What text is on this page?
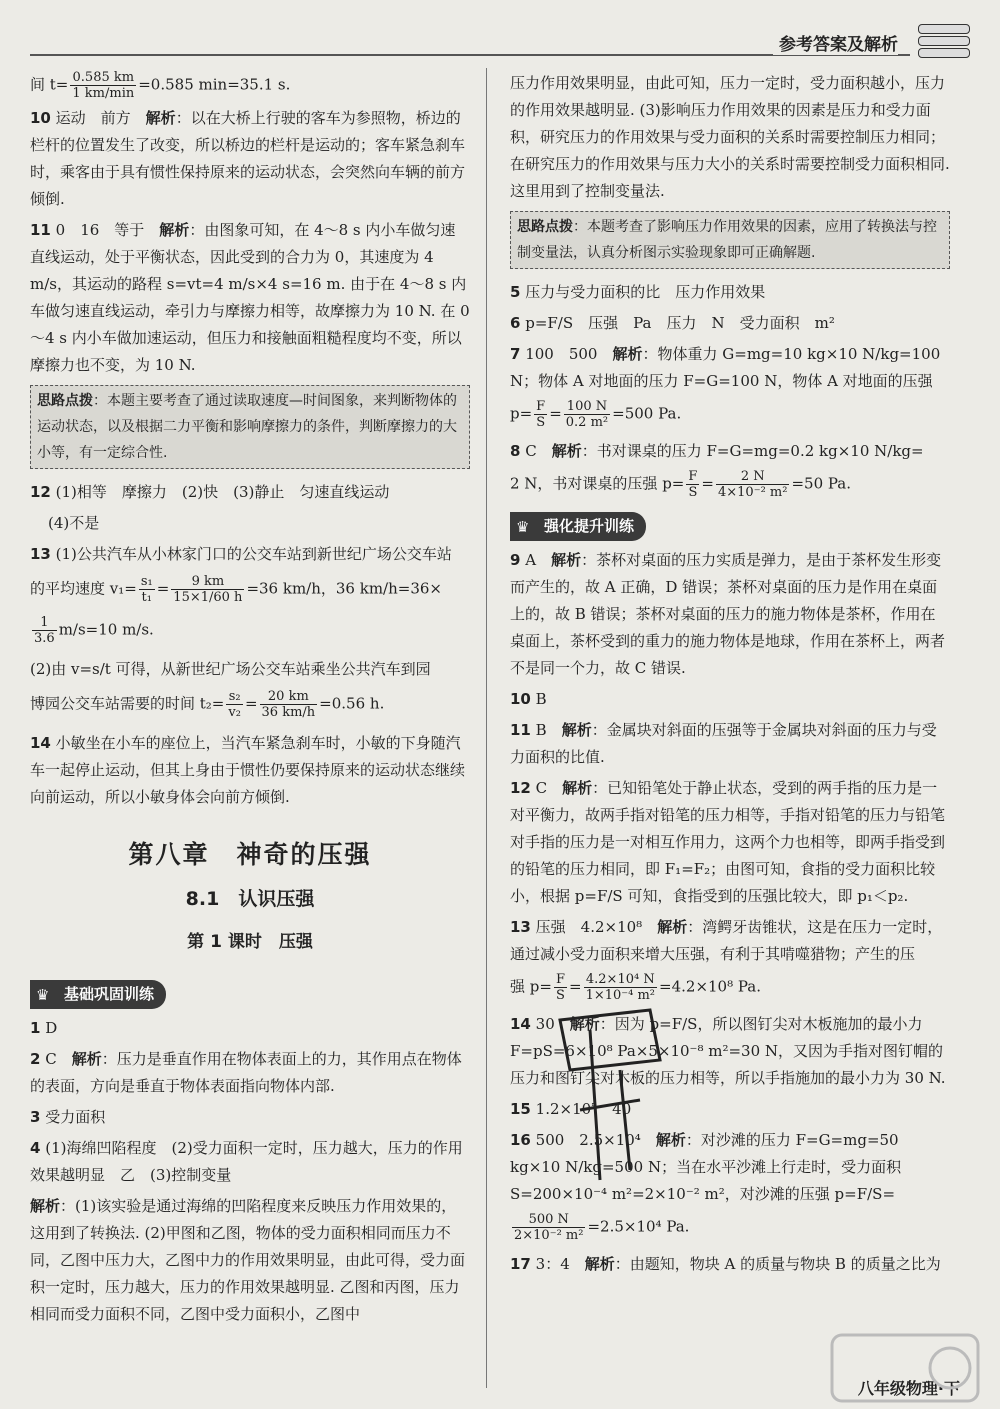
参考答案及解析

间 $t= \frac{0.585 km}{1 km/\min} =0.585$ min=35.1 s.

10 运动　前方　解析：以在大桥上行驶的客车为参照物，桥边的栏杆的位置发生了改变，所以桥边的栏杆是运动的；客车紧急刹车时，乘客由于具有惯性保持原来的运动状态，会突然向车辆的前方倾倒.

11 0　16　等于　解析：由图象可知，在 4～8 s 内小车做匀速直线运动，处于平衡状态，因此受到的合力为 0，其速度为 4 m/s，其运动的路程 s=vt=4 m/s×4 s=16 m. 由于在 4～8 s 内车做匀速直线运动，牵引力与摩擦力相等，故摩擦力为 10 N. 在 0～4 s 内小车做加速运动，但压力和接触面粗糙程度均不变，所以摩擦力也不变，为 10 N.

思路点拨：本题主要考查了通过读取速度—时间图象，来判断物体的运动状态，以及根据二力平衡和影响摩擦力的条件，判断摩擦力的大小等，有一定综合性.

12 (1)相等　摩擦力　(2)快　(3)静止　匀速直线运动

(4)不是

13 (1)公共汽车从小林家门口的公交车站到新世纪广场公交车站

的平均速度 $v_1= \frac{\text{s₁}}{\text{t₁}} = \frac{9 km}{15\times 1/60 h} =36$ km/h，36 km/h=36×

$\frac{1}{3.6} m/s=10$ m/s.

(2)由 v=s/t 可得，从新世纪广场公交车站乘坐公共汽车到园

博园公交车站需要的时间 $t_2= \frac{\text{s₂}}{\text{v₂}} = \frac{20 km}{36 km/h} =0.56$ h.

14 小敏坐在小车的座位上，当汽车紧急刹车时，小敏的下身随汽车一起停止运动，但其上身由于惯性仍要保持原来的运动状态继续向前运动，所以小敏身体会向前方倾倒.

第八章　神奇的压强
8.1　认识压强
第 1 课时　压强
♛ 基础巩固训练

1 D

2 C　解析：压力是垂直作用在物体表面上的力，其作用点在物体的表面，方向是垂直于物体表面指向物体内部.

3 受力面积

4 (1)海绵凹陷程度　(2)受力面积一定时，压力越大，压力的作用效果越明显　乙　(3)控制变量

解析：(1)该实验是通过海绵的凹陷程度来反映压力作用效果的，这用到了转换法. (2)甲图和乙图，物体的受力面积相同而压力不同，乙图中压力大，乙图中力的作用效果明显，由此可得，受力面积一定时，压力越大，压力的作用效果越明显. 乙图和丙图，压力相同而受力面积不同，乙图中受力面积小，乙图中

压力作用效果明显，由此可知，压力一定时，受力面积越小，压力的作用效果越明显. (3)影响压力作用效果的因素是压力和受力面积，研究压力的作用效果与受力面积的关系时需要控制压力相同；在研究压力的作用效果与压力大小的关系时需要控制受力面积相同. 这里用到了控制变量法.

思路点拨：本题考查了影响压力作用效果的因素，应用了转换法与控制变量法，认真分析图示实验现象即可正确解题.

5 压力与受力面积的比　压力作用效果

6 p=F/S　压强　Pa　压力　N　受力面积　m²

7 100　500　解析：物体重力 G=mg=10 kg×10 N/kg=100 N；物体 A 对地面的压力 F=G=100 N，物体 A 对地面的压强

$p= \frac{F}{S} = \frac{100 N}{\text{0.2 m²}} =500$ Pa.

8 C　解析：书对课桌的压力 F=G=mg=0.2 kg×10 N/kg=

2 N，书对课桌的压强 $p= \frac{F}{S} = \frac{2 N}{\text{4×10⁻² m²}} =50$ Pa.

♛ 强化提升训练

9 A　解析：茶杯对桌面的压力实质是弹力，是由于茶杯发生形变而产生的，故 A 正确，D 错误；茶杯对桌面的压力是作用在桌面上的，故 B 错误；茶杯对桌面的压力的施力物体是茶杯，作用在桌面上，茶杯受到的重力的施力物体是地球，作用在茶杯上，两者不是同一个力，故 C 错误.

10 B

11 B　解析：金属块对斜面的压强等于金属块对斜面的压力与受力面积的比值.

12 C　解析：已知铅笔处于静止状态，受到的两手指的压力是一对平衡力，故两手指对铅笔的压力相等，手指对铅笔的压力与铅笔对手指的压力是一对相互作用力，这两个力也相等，即两手指受到的铅笔的压力相同，即 F₁=F₂；由图可知，食指的受力面积比较小，根据 p=F/S 可知，食指受到的压强比较大，即 p₁＜p₂.

13 压强　4.2×10⁸　解析：湾鳄牙齿锥状，这是在压力一定时，通过减小受力面积来增大压强，有利于其啃噬猎物；产生的压

强 $p= \frac{F}{S} = \frac{\text{4.2×10⁴ N}}{\text{1×10⁻⁴ m²}} =4.2\times 10^8$ Pa.

14 30　解析：因为 p=F/S，所以图钉尖对木板施加的最小力 F=pS=6×10⁸ Pa×5×10⁻⁸ m²=30 N，又因为手指对图钉帽的压力和图钉尖对木板的压力相等，所以手指施加的最小力为 30 N.

15 1.2×10⁵　40

16 500　2.5×10⁴　解析：对沙滩的压力 F=G=mg=50 kg×10 N/kg=500 N；当在水平沙滩上行走时，受力面积 S=200×10⁻⁴ m²=2×10⁻² m²，对沙滩的压强 p=F/S=

$\frac{500 N}{\text{2×10⁻² m²}} =2.5\times 10^4$ Pa.

17 3：4　解析：由题知，物块 A 的质量与物块 B 的质量之比为

八年级物理·下
